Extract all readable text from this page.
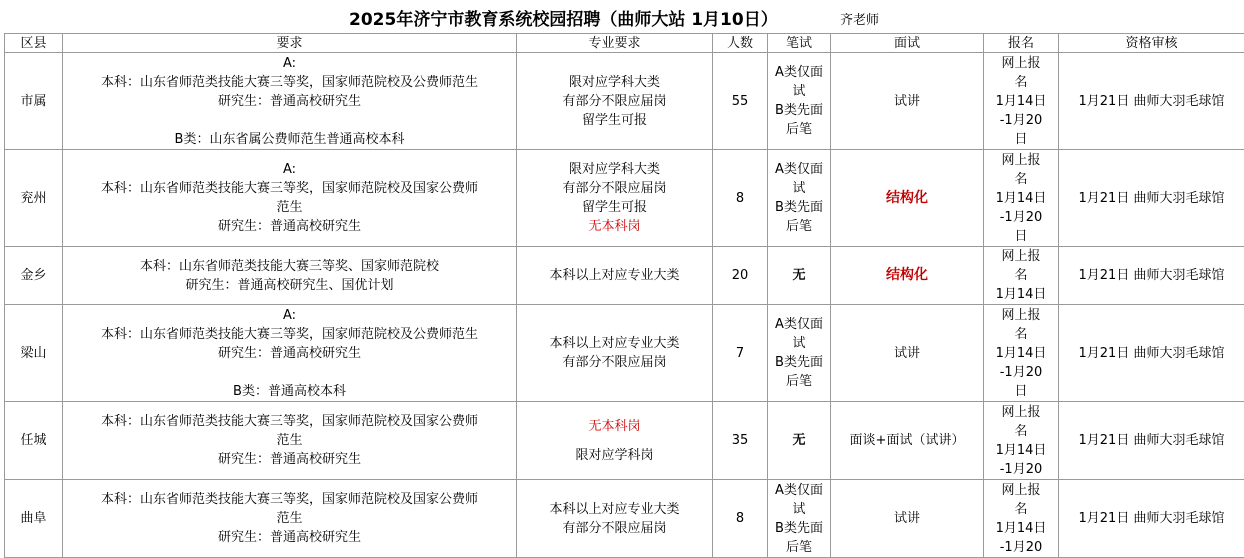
2025年济宁市教育系统校园招聘（曲师大站 1月10日）	齐老师
区县	要求	专业要求	人数	笔试	面试	报名	资格审核
市属	A:
本科：山东省师范类技能大赛三等奖，国家师范院校及公费师范生
研究生：普通高校研究生
B类：山东省属公费师范生普通高校本科	限对应学科大类
有部分不限应届岗
留学生可报	55	A类仅面
试
B类先面
后笔	试讲	网上报
名
1月14日
-1月20
日	1月21日 曲师大羽毛球馆
兖州	A:
本科：山东省师范类技能大赛三等奖，国家师范院校及国家公费师
范生
研究生：普通高校研究生	限对应学科大类
有部分不限应届岗
留学生可报
无本科岗	8	A类仅面
试
B类先面
后笔	结构化	网上报
名
1月14日
-1月20
日	1月21日 曲师大羽毛球馆
金乡	本科：山东省师范类技能大赛三等奖、国家师范院校
研究生：普通高校研究生、国优计划	本科以上对应专业大类	20	无	结构化	网上报
名
1月14日	1月21日 曲师大羽毛球馆
梁山	A:
本科：山东省师范类技能大赛三等奖，国家师范院校及公费师范生
研究生：普通高校研究生
B类：普通高校本科	本科以上对应专业大类
有部分不限应届岗	7	A类仅面
试
B类先面
后笔	试讲	网上报
名
1月14日
-1月20
日	1月21日 曲师大羽毛球馆
任城	本科：山东省师范类技能大赛三等奖，国家师范院校及国家公费师
范生
研究生：普通高校研究生	无本科岗
限对应学科岗	35	无	面谈+面试（试讲）	网上报
名
1月14日
-1月20	1月21日 曲师大羽毛球馆
曲阜	本科：山东省师范类技能大赛三等奖，国家师范院校及国家公费师
范生
研究生：普通高校研究生	本科以上对应专业大类
有部分不限应届岗	8	A类仅面
试
B类先面
后笔	试讲	网上报
名
1月14日
-1月20	1月21日 曲师大羽毛球馆
